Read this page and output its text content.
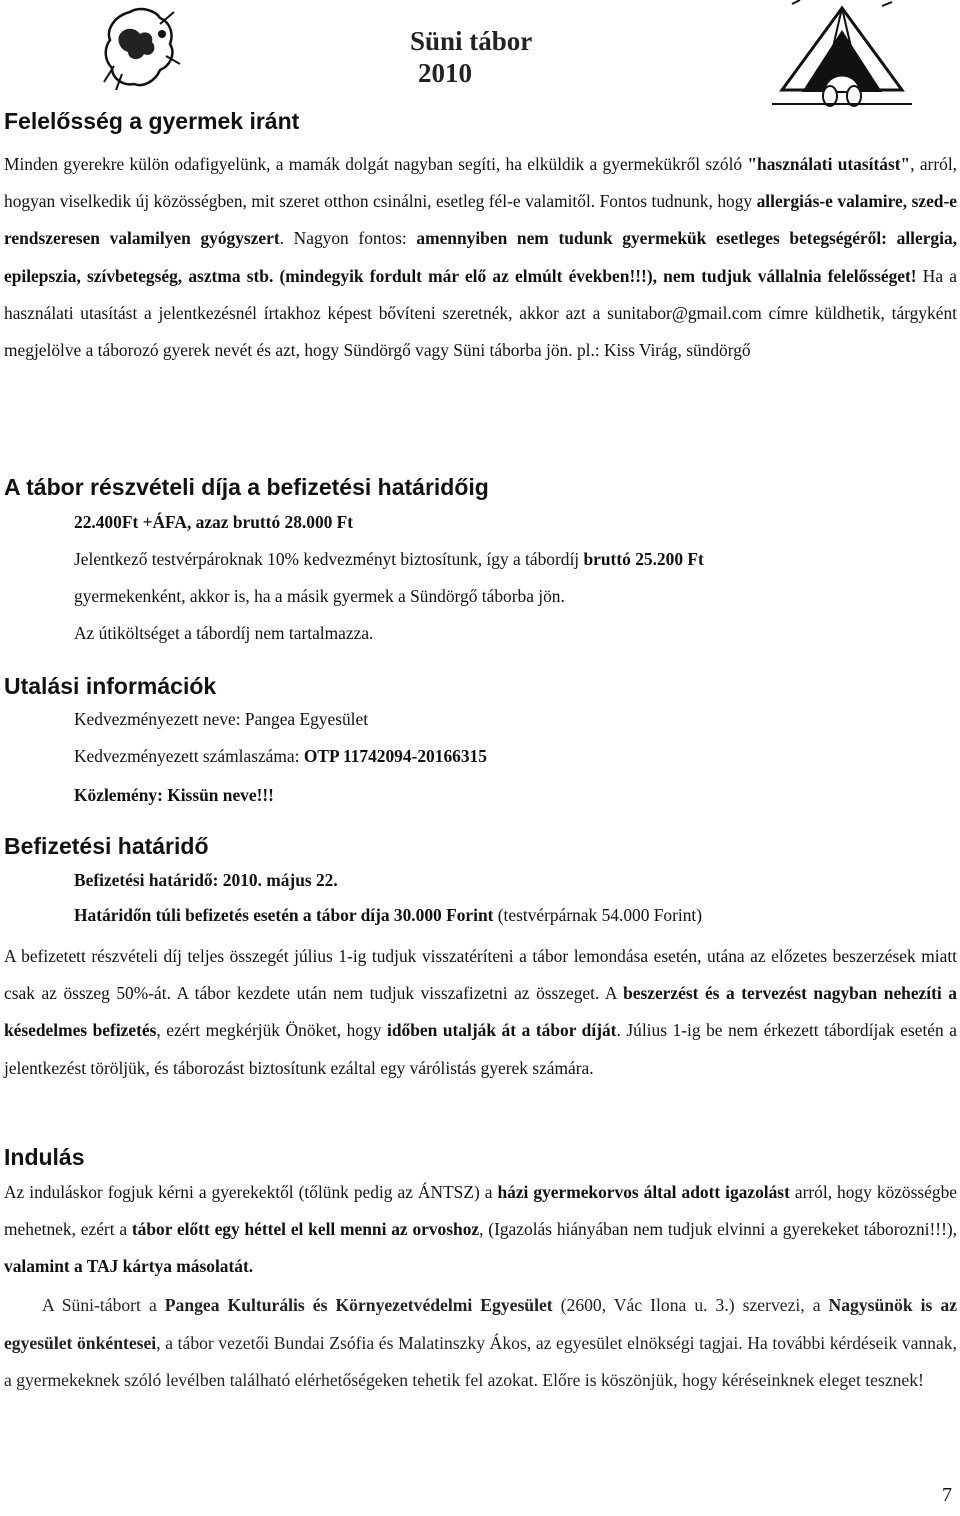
Süni tábor
2010
Felelősség a gyermek iránt
Minden gyerekre külön odafigyelünk, a mamák dolgát nagyban segíti, ha elküldik a gyermekükről szóló "használati utasítást", arról, hogyan viselkedik új közösségben, mit szeret otthon csinálni, esetleg fél-e valamitől. Fontos tudnunk, hogy allergiás-e valamire, szed-e rendszeresen valamilyen gyógyszert. Nagyon fontos: amennyiben nem tudunk gyermekük esetleges betegségéről: allergia, epilepszia, szívbetegség, asztma stb. (mindegyik fordult már elő az elmúlt években!!!), nem tudjuk vállalnia felelősséget! Ha a használati utasítást a jelentkezésnél írtakhoz képest bővíteni szeretnék, akkor azt a sunitabor@gmail.com címre küldhetik, tárgyként megjelölve a táborozó gyerek nevét és azt, hogy Sündörgő vagy Süni táborba jön. pl.: Kiss Virág, sündörgő
A tábor részvételi díja a befizetési határidőig
22.400Ft +ÁFA, azaz bruttó 28.000 Ft
Jelentkező testvérpároknak 10% kedvezményt biztosítunk, így a tábordíj bruttó 25.200 Ft
gyermekenként, akkor is, ha a másik gyermek a Sündörgő táborba jön.
Az útiköltséget a tábordíj nem tartalmazza.
Utalási információk
Kedvezményezett neve: Pangea Egyesület
Kedvezményezett számlaszáma: OTP 11742094-20166315
Közlemény: Kissün neve!!!
Befizetési határidő
Befizetési határidő: 2010. május 22.
Határidőn túli befizetés esetén a tábor díja 30.000 Forint (testvérpárnak 54.000 Forint)
A befizetett részvételi díj teljes összegét július 1-ig tudjuk visszatéríteni a tábor lemondása esetén, utána az előzetes beszerzések miatt csak az összeg 50%-át. A tábor kezdete után nem tudjuk visszafizetni az összeget. A beszerzést és a tervezést nagyban nehezíti a késedelmes befizetés, ezért megkérjük Önöket, hogy időben utalják át a tábor díját. Július 1-ig be nem érkezett tábordíjak esetén a jelentkezést töröljük, és táborozást biztosítunk ezáltal egy várólistás gyerek számára.
Indulás
Az induláskor fogjuk kérni a gyerekektől (tőlünk pedig az ÁNTSZ) a házi gyermekorvos által adott igazolást arról, hogy közösségbe mehetnek, ezért a tábor előtt egy héttel el kell menni az orvoshoz, (Igazolás hiányában nem tudjuk elvinni a gyerekeket táborozni!!!), valamint a TAJ kártya másolatát.
A Süni-tábort a Pangea Kulturális és Környezetvédelmi Egyesület (2600, Vác Ilona u. 3.) szervezi, a Nagysünök is az egyesület önkéntesei, a tábor vezetői Bundai Zsófia és Malatinszky Ákos, az egyesület elnökségi tagjai. Ha további kérdéseik vannak, a gyermekeknek szóló levélben található elérhetőségeken tehetik fel azokat. Előre is köszönjük, hogy kéréseinknek eleget tesznek!
7
